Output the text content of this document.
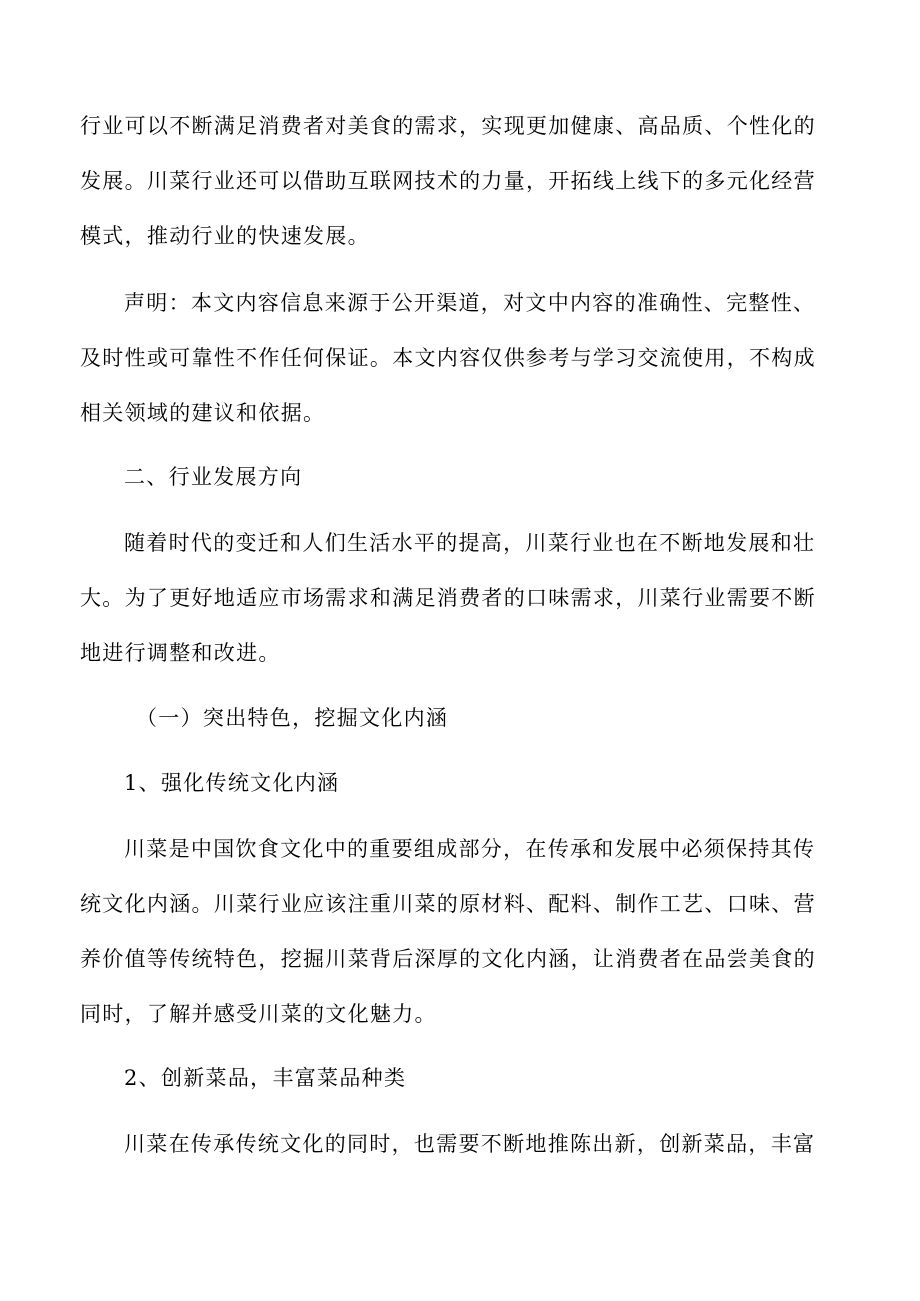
行业可以不断满足消费者对美食的需求，实现更加健康、高品质、个性化的

发展。川菜行业还可以借助互联网技术的力量，开拓线上线下的多元化经营

模式，推动行业的快速发展。

声明：本文内容信息来源于公开渠道，对文中内容的准确性、完整性、

及时性或可靠性不作任何保证。本文内容仅供参考与学习交流使用，不构成

相关领域的建议和依据。

二、行业发展方向

随着时代的变迁和人们生活水平的提高，川菜行业也在不断地发展和壮

大。为了更好地适应市场需求和满足消费者的口味需求，川菜行业需要不断

地进行调整和改进。

（一）突出特色，挖掘文化内涵

1、强化传统文化内涵

川菜是中国饮食文化中的重要组成部分，在传承和发展中必须保持其传

统文化内涵。川菜行业应该注重川菜的原材料、配料、制作工艺、口味、营

养价值等传统特色，挖掘川菜背后深厚的文化内涵，让消费者在品尝美食的

同时，了解并感受川菜的文化魅力。

2、创新菜品，丰富菜品种类

川菜在传承传统文化的同时，也需要不断地推陈出新，创新菜品，丰富
